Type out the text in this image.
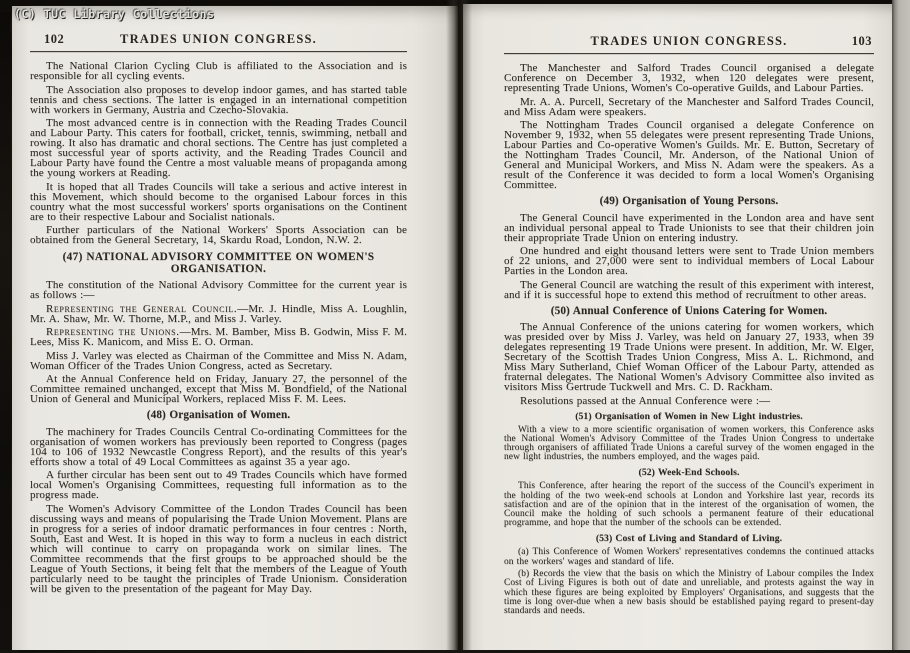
102	TRADES UNION CONGRESS.

The National Clarion Cycling Club is affiliated to the Association and is responsible for all cycling events.

The Association also proposes to develop indoor games, and has started table tennis and chess sections. The latter is engaged in an international competition with workers in Germany, Austria and Czecho-Slovakia.

The most advanced centre is in connection with the Reading Trades Council and Labour Party. This caters for football, cricket, tennis, swimming, netball and rowing. It also has dramatic and choral sections. The Centre has just completed a most successful year of sports activity, and the Reading Trades Council and Labour Party have found the Centre a most valuable means of propaganda among the young workers at Reading.

It is hoped that all Trades Councils will take a serious and active interest in this Movement, which should become to the organised Labour forces in this country what the most successful workers' sports organisations on the Continent are to their respective Labour and Socialist nationals.

Further particulars of the National Workers' Sports Association can be obtained from the General Secretary, 14, Skardu Road, London, N.W. 2.

(47) NATIONAL ADVISORY COMMITTEE ON WOMEN'S ORGANISATION.

The constitution of the National Advisory Committee for the current year is as follows :—

Representing the General Council.—Mr. J. Hindle, Miss A. Loughlin, Mr. A. Shaw, Mr. W. Thorne, M.P., and Miss J. Varley.

Representing the Unions.—Mrs. M. Bamber, Miss B. Godwin, Miss F. M. Lees, Miss K. Manicom, and Miss E. O. Orman.

Miss J. Varley was elected as Chairman of the Committee and Miss N. Adam, Woman Officer of the Trades Union Congress, acted as Secretary.

At the Annual Conference held on Friday, January 27, the personnel of the Committee remained unchanged, except that Miss M. Bondfield, of the National Union of General and Municipal Workers, replaced Miss F. M. Lees.

(48) Organisation of Women.

The machinery for Trades Councils Central Co-ordinating Committees for the organisation of women workers has previously been reported to Congress (pages 104 to 106 of 1932 Newcastle Congress Report), and the results of this year's efforts show a total of 49 Local Committees as against 35 a year ago.

A further circular has been sent out to 49 Trades Councils which have formed local Women's Organising Committees, requesting full information as to the progress made.

The Women's Advisory Committee of the London Trades Council has been discussing ways and means of popularising the Trade Union Movement. Plans are in progress for a series of indoor dramatic performances in four centres : North, South, East and West. It is hoped in this way to form a nucleus in each district which will continue to carry on propaganda work on similar lines. The Committee recommends that the first groups to be approached should be the League of Youth Sections, it being felt that the members of the League of Youth particularly need to be taught the principles of Trade Unionism. Consideration will be given to the presentation of the pageant for May Day.

TRADES UNION CONGRESS.	103

The Manchester and Salford Trades Council organised a delegate Conference on December 3, 1932, when 120 delegates were present, representing Trade Unions, Women's Co-operative Guilds, and Labour Parties.

Mr. A. A. Purcell, Secretary of the Manchester and Salford Trades Council, and Miss Adam were speakers.

The Nottingham Trades Council organised a delegate Conference on November 9, 1932, when 55 delegates were present representing Trade Unions, Labour Parties and Co-operative Women's Guilds. Mr. E. Button, Secretary of the Nottingham Trades Council, Mr. Anderson, of the National Union of General and Municipal Workers, and Miss N. Adam were the speakers. As a result of the Conference it was decided to form a local Women's Organising Committee.

(49) Organisation of Young Persons.

The General Council have experimented in the London area and have sent an individual personal appeal to Trade Unionists to see that their children join their appropriate Trade Union on entering industry.

One hundred and eight thousand letters were sent to Trade Union members of 22 unions, and 27,000 were sent to individual members of Local Labour Parties in the London area.

The General Council are watching the result of this experiment with interest, and if it is successful hope to extend this method of recruitment to other areas.

(50) Annual Conference of Unions Catering for Women.

The Annual Conference of the unions catering for women workers, which was presided over by Miss J. Varley, was held on January 27, 1933, when 39 delegates representing 19 Trade Unions were present. In addition, Mr. W. Elger, Secretary of the Scottish Trades Union Congress, Miss A. L. Richmond, and Miss Mary Sutherland, Chief Woman Officer of the Labour Party, attended as fraternal delegates. The National Women's Advisory Committee also invited as visitors Miss Gertrude Tuckwell and Mrs. C. D. Rackham.

Resolutions passed at the Annual Conference were :—

(51) Organisation of Women in New Light industries.

With a view to a more scientific organisation of women workers, this Conference asks the National Women's Advisory Committee of the Trades Union Congress to undertake through organisers of affiliated Trade Unions a careful survey of the women engaged in the new light industries, the numbers employed, and the wages paid.

(52) Week-End Schools.

This Conference, after hearing the report of the success of the Council's experiment in the holding of the two week-end schools at London and Yorkshire last year, records its satisfaction and are of the opinion that in the interest of the organisation of women, the Council make the holding of such schools a permanent feature of their educational programme, and hope that the number of the schools can be extended.

(53) Cost of Living and Standard of Living.

(a) This Conference of Women Workers' representatives condemns the continued attacks on the workers' wages and standard of life.

(b) Records the view that the basis on which the Ministry of Labour compiles the Index Cost of Living Figures is both out of date and unreliable, and protests against the way in which these figures are being exploited by Employers' Organisations, and suggests that the time is long over-due when a new basis should be established paying regard to present-day standards and needs.

(C) TUC Library Collections
